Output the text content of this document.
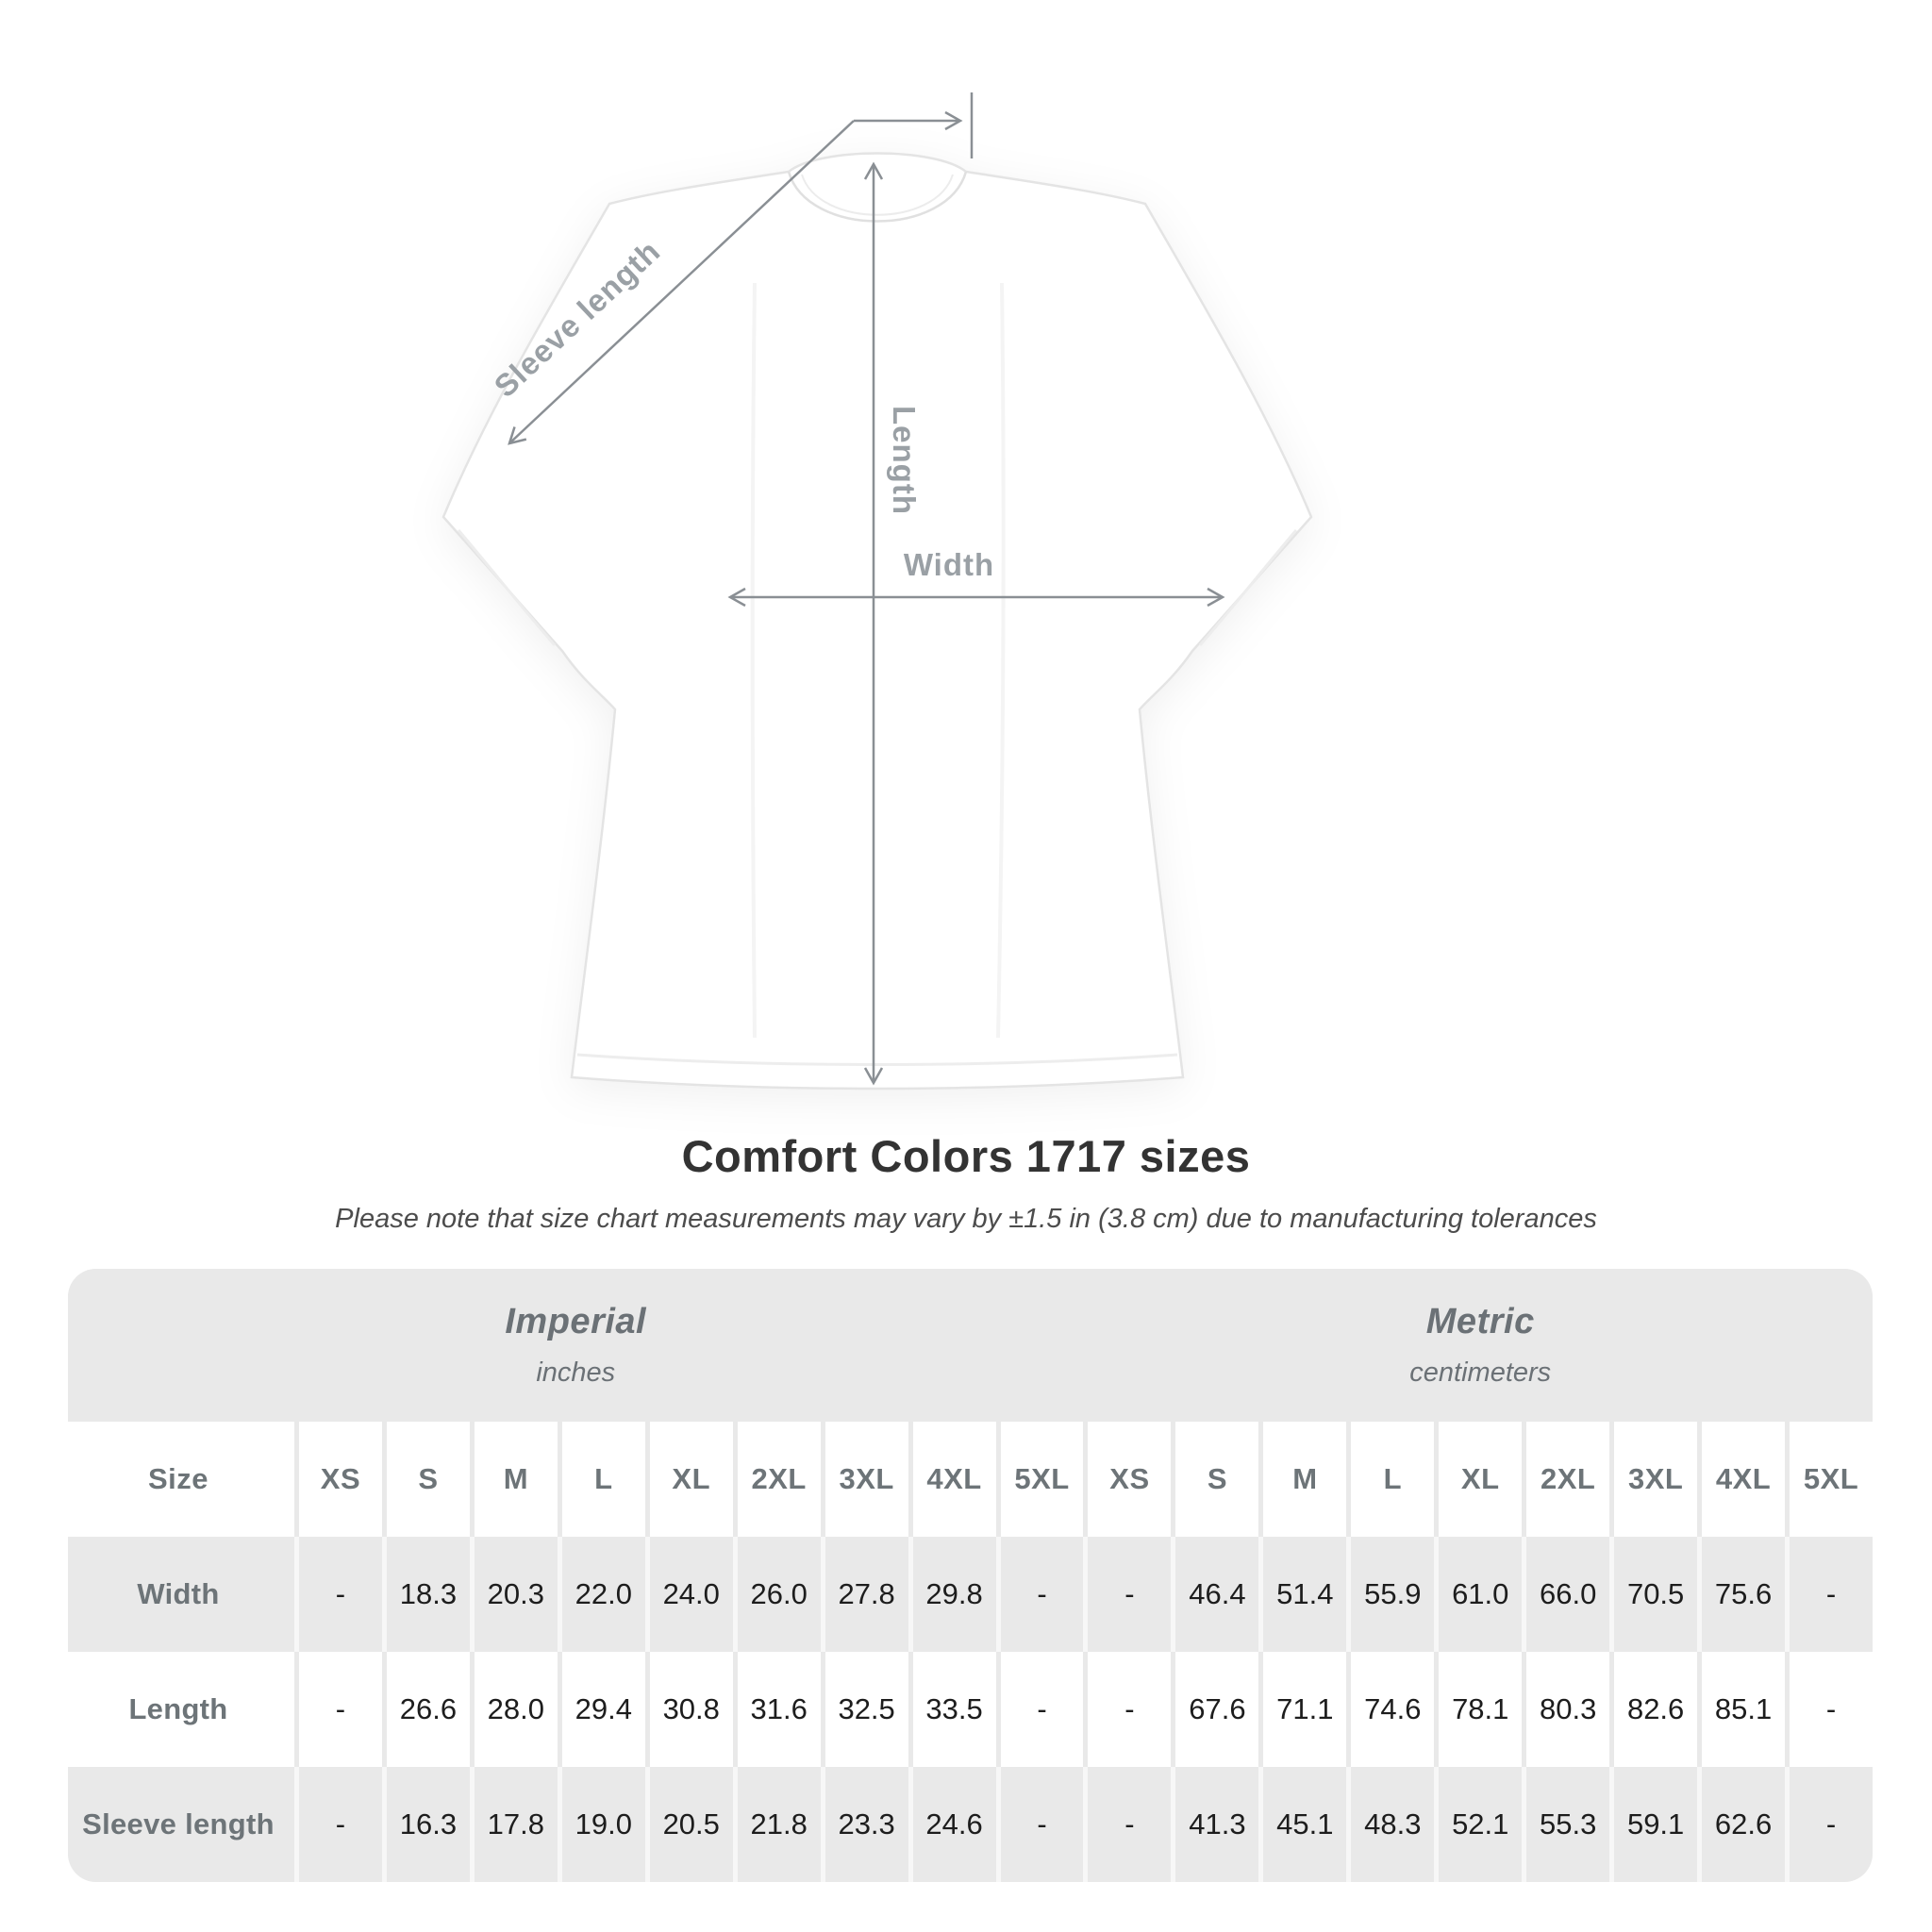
Sleeve length
Length
Width
Comfort Colors 1717 sizes
Please note that size chart measurements may vary by ±1.5 in (3.8 cm) due to manufacturing tolerances
Imperial
inches
Metric
centimeters
Size	XS	S	M	L	XL	2XL	3XL	4XL	5XL	XS	S	M	L	XL	2XL	3XL	4XL	5XL
Width	-	18.3	20.3	22.0	24.0	26.0	27.8	29.8	-	-	46.4	51.4	55.9	61.0	66.0	70.5	75.6	-
Length	-	26.6	28.0	29.4	30.8	31.6	32.5	33.5	-	-	67.6	71.1	74.6	78.1	80.3	82.6	85.1	-
Sleeve length	-	16.3	17.8	19.0	20.5	21.8	23.3	24.6	-	-	41.3	45.1	48.3	52.1	55.3	59.1	62.6	-
